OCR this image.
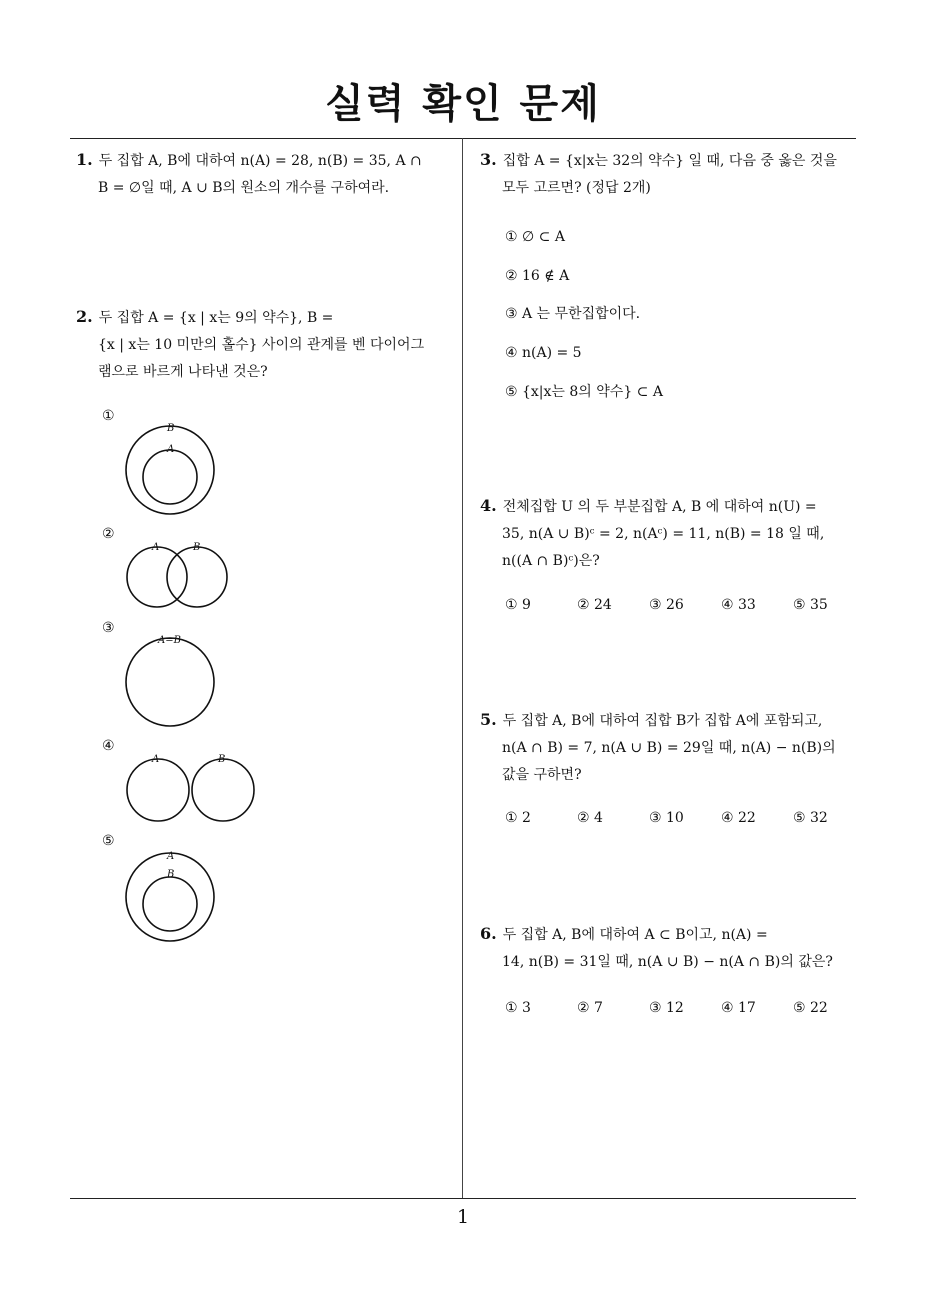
실력 확인 문제
1. 두 집합 A, B에 대하여 n(A) = 28, n(B) = 35, A ∩
B = ∅일 때, A ∪ B의 원소의 개수를 구하여라.
2. 두 집합 A = {x | x는 9의 약수}, B =
{x | x는 10 미만의 홀수} 사이의 관계를 벤 다이어그
램으로 바르게 나타낸 것은?
①
B
A
②
A	B
③
A=B
④
A	B
⑤
A
B
3. 집합 A = {x|x는 32의 약수} 일 때, 다음 중 옳은 것을
모두 고르면? (정답 2개)
① ∅ ⊂ A
② 16 ∉ A
③ A 는 무한집합이다.
④ n(A) = 5
⑤ {x|x는 8의 약수} ⊂ A
4. 전체집합 U 의 두 부분집합 A, B 에 대하여 n(U) =
35, n(A ∪ B)ᶜ = 2, n(Aᶜ) = 11, n(B) = 18 일 때,
n((A ∩ B)ᶜ)은?
① 9	② 24	③ 26	④ 33	⑤ 35
5. 두 집합 A, B에 대하여 집합 B가 집합 A에 포함되고,
n(A ∩ B) = 7, n(A ∪ B) = 29일 때, n(A) − n(B)의
값을 구하면?
① 2	② 4	③ 10	④ 22	⑤ 32
6. 두 집합 A, B에 대하여 A ⊂ B이고, n(A) =
14, n(B) = 31일 때, n(A ∪ B) − n(A ∩ B)의 값은?
① 3	② 7	③ 12	④ 17	⑤ 22
1
